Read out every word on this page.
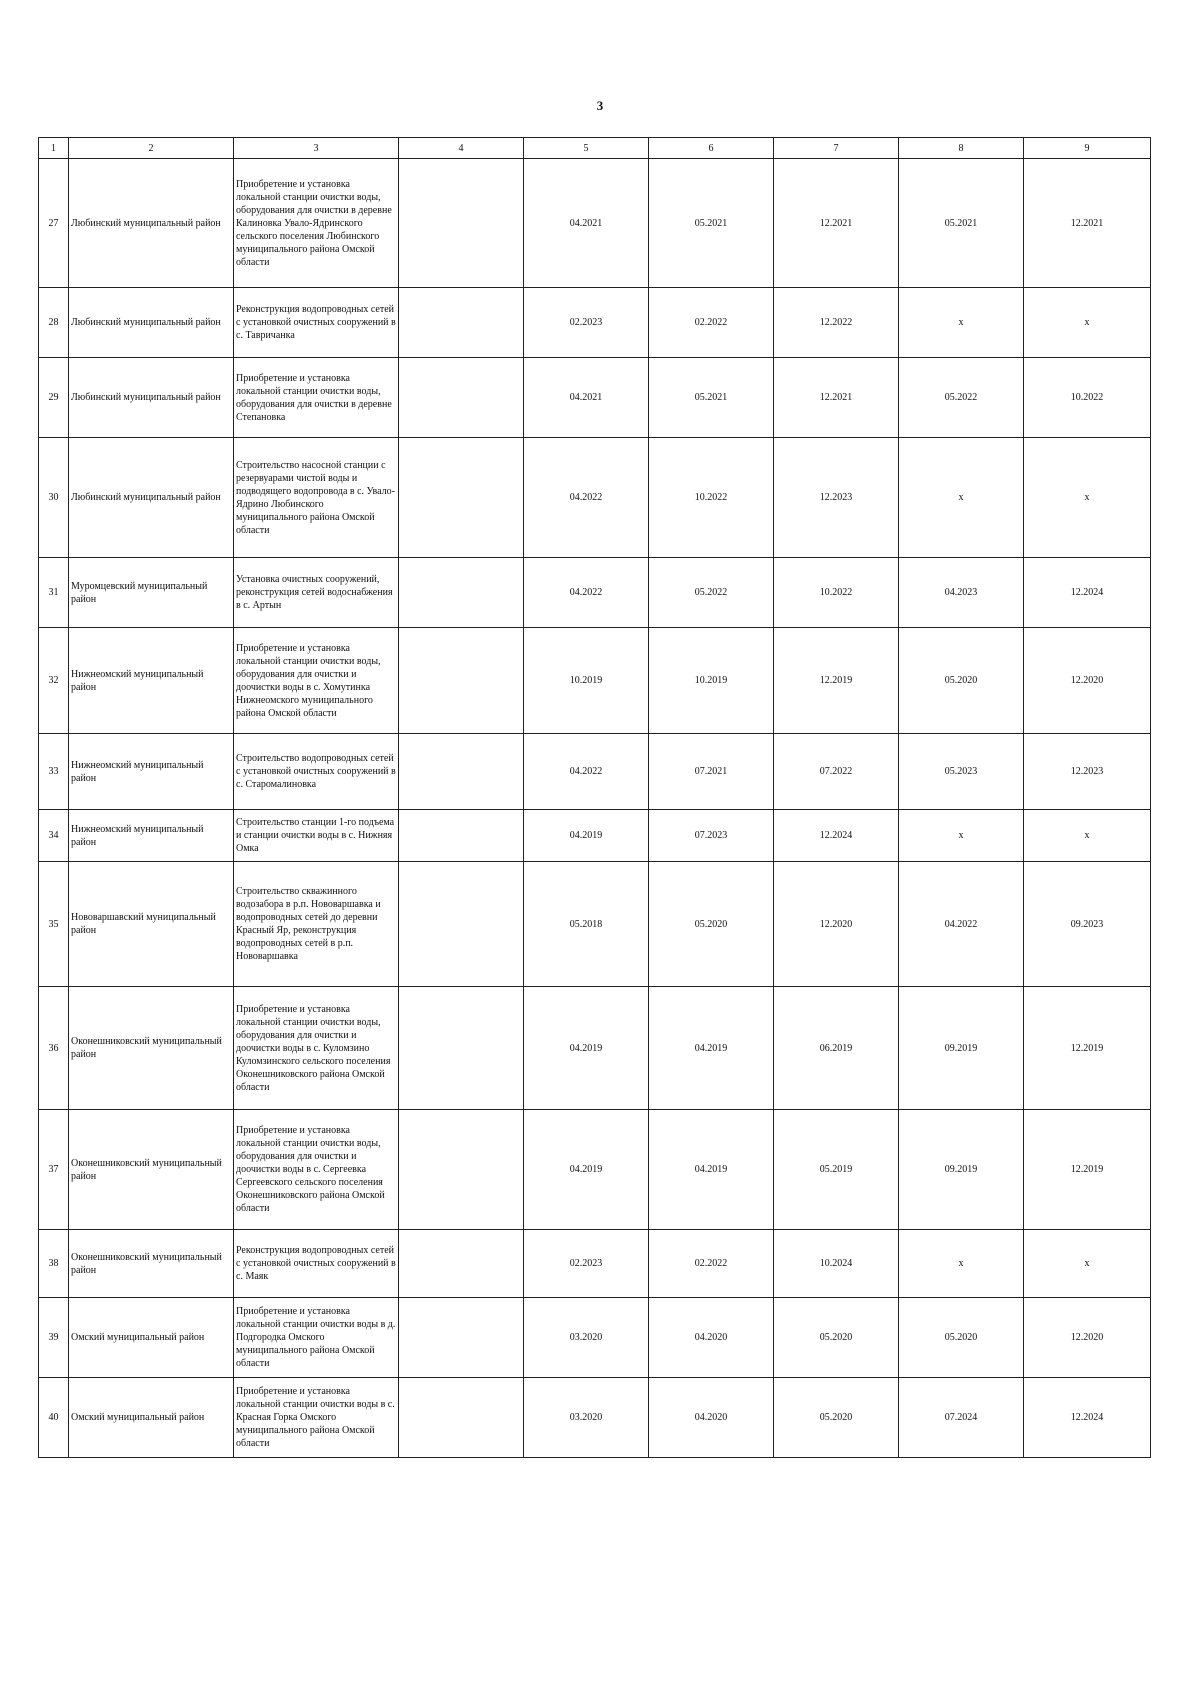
3
1	2	3	4	5	6	7	8	9
27	Любинский муниципальный район	Приобретение и установка локальной станции очистки воды, оборудования для очистки в деревне Калиновка Увало-Ядринского сельского поселения Любинского муниципального района Омской области		04.2021	05.2021	12.2021	05.2021	12.2021
28	Любинский муниципальный район	Реконструкция водопроводных сетей с установкой очистных сооружений в с. Тавричанка		02.2023	02.2022	12.2022	x	x
29	Любинский муниципальный район	Приобретение и установка локальной станции очистки воды, оборудования для очистки в деревне Степановка		04.2021	05.2021	12.2021	05.2022	10.2022
30	Любинский муниципальный район	Строительство насосной станции с резервуарами чистой воды и подводящего водопровода в с. Увало-Ядрино Любинского муниципального района Омской области		04.2022	10.2022	12.2023	x	x
31	Муромцевский муниципальный район	Установка очистных сооружений, реконструкция сетей водоснабжения в с. Артын		04.2022	05.2022	10.2022	04.2023	12.2024
32	Нижнеомский муниципальный район	Приобретение и установка локальной станции очистки воды, оборудования для очистки и доочистки воды в с. Хомутинка Нижнеомского муниципального района Омской области		10.2019	10.2019	12.2019	05.2020	12.2020
33	Нижнеомский муниципальный район	Строительство водопроводных сетей с установкой очистных сооружений в с. Старомалиновка		04.2022	07.2021	07.2022	05.2023	12.2023
34	Нижнеомский муниципальный район	Строительство станции 1-го подъема и станции очистки воды в с. Нижняя Омка		04.2019	07.2023	12.2024	x	x
35	Нововаршавский муниципальный район	Строительство скважинного водозабора в р.п. Нововаршавка и водопроводных сетей до деревни Красный Яр, реконструкция водопроводных сетей в р.п. Нововаршавка		05.2018	05.2020	12.2020	04.2022	09.2023
36	Оконешниковский муниципальный район	Приобретение и установка локальной станции очистки воды, оборудования для очистки и доочистки воды в с. Куломзино Куломзинского сельского поселения Оконешниковского района Омской области		04.2019	04.2019	06.2019	09.2019	12.2019
37	Оконешниковский муниципальный район	Приобретение и установка локальной станции очистки воды, оборудования для очистки и доочистки воды в с. Сергеевка Сергеевского сельского поселения Оконешниковского района Омской области		04.2019	04.2019	05.2019	09.2019	12.2019
38	Оконешниковский муниципальный район	Реконструкция водопроводных сетей с установкой очистных сооружений в с. Маяк		02.2023	02.2022	10.2024	x	x
39	Омский муниципальный район	Приобретение и установка локальной станции очистки воды в д. Подгородка Омского муниципального района Омской области		03.2020	04.2020	05.2020	05.2020	12.2020
40	Омский муниципальный район	Приобретение и установка локальной станции очистки воды в с. Красная Горка Омского муниципального района Омской области		03.2020	04.2020	05.2020	07.2024	12.2024
